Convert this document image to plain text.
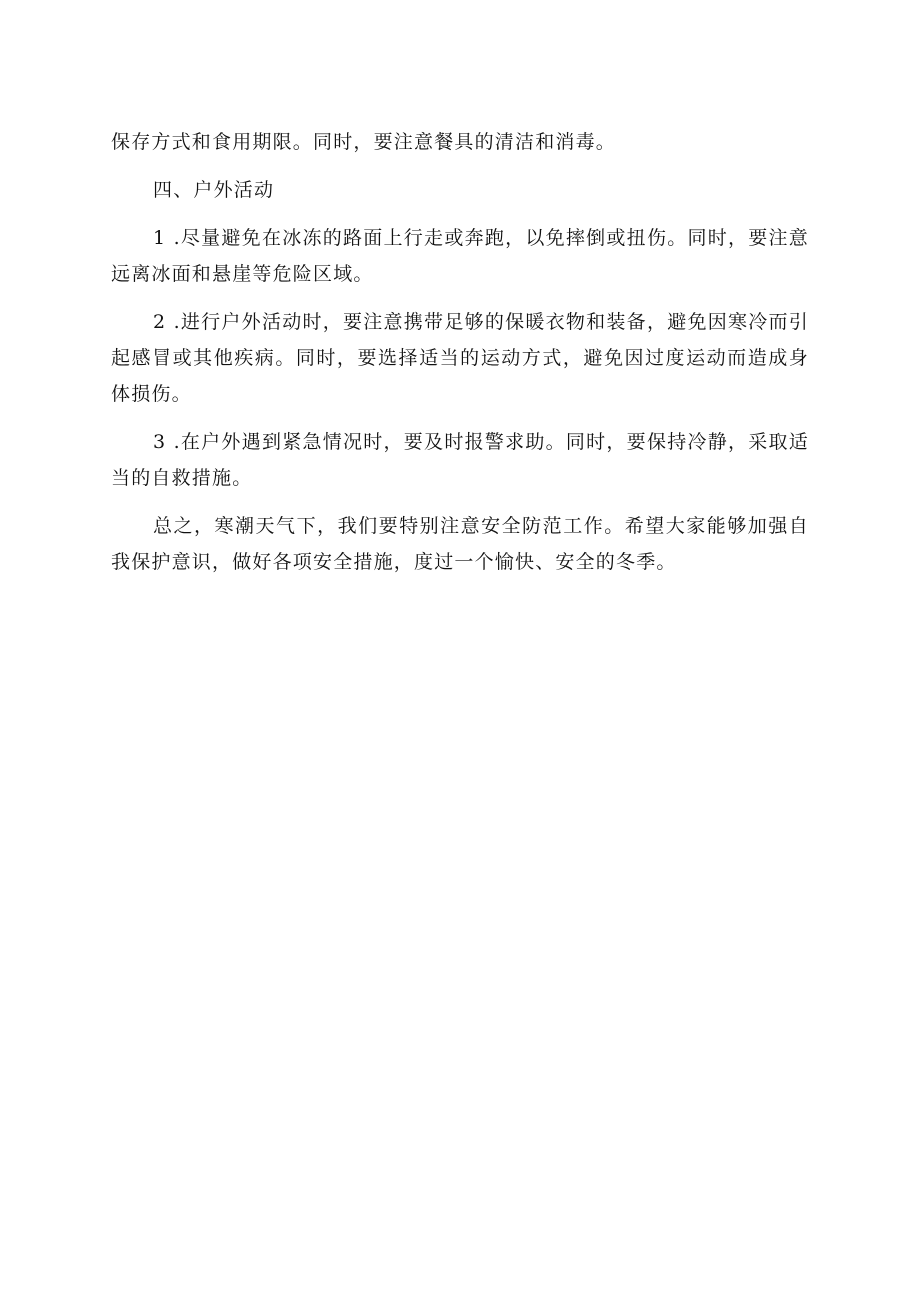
保存方式和食用期限。同时，要注意餐具的清洁和消毒。

四、户外活动

1 .尽量避免在冰冻的路面上行走或奔跑，以免摔倒或扭伤。同时，要注意远离冰面和悬崖等危险区域。

2 .进行户外活动时，要注意携带足够的保暖衣物和装备，避免因寒冷而引起感冒或其他疾病。同时，要选择适当的运动方式，避免因过度运动而造成身体损伤。

3 .在户外遇到紧急情况时，要及时报警求助。同时，要保持冷静，采取适当的自救措施。

总之，寒潮天气下，我们要特别注意安全防范工作。希望大家能够加强自我保护意识，做好各项安全措施，度过一个愉快、安全的冬季。
